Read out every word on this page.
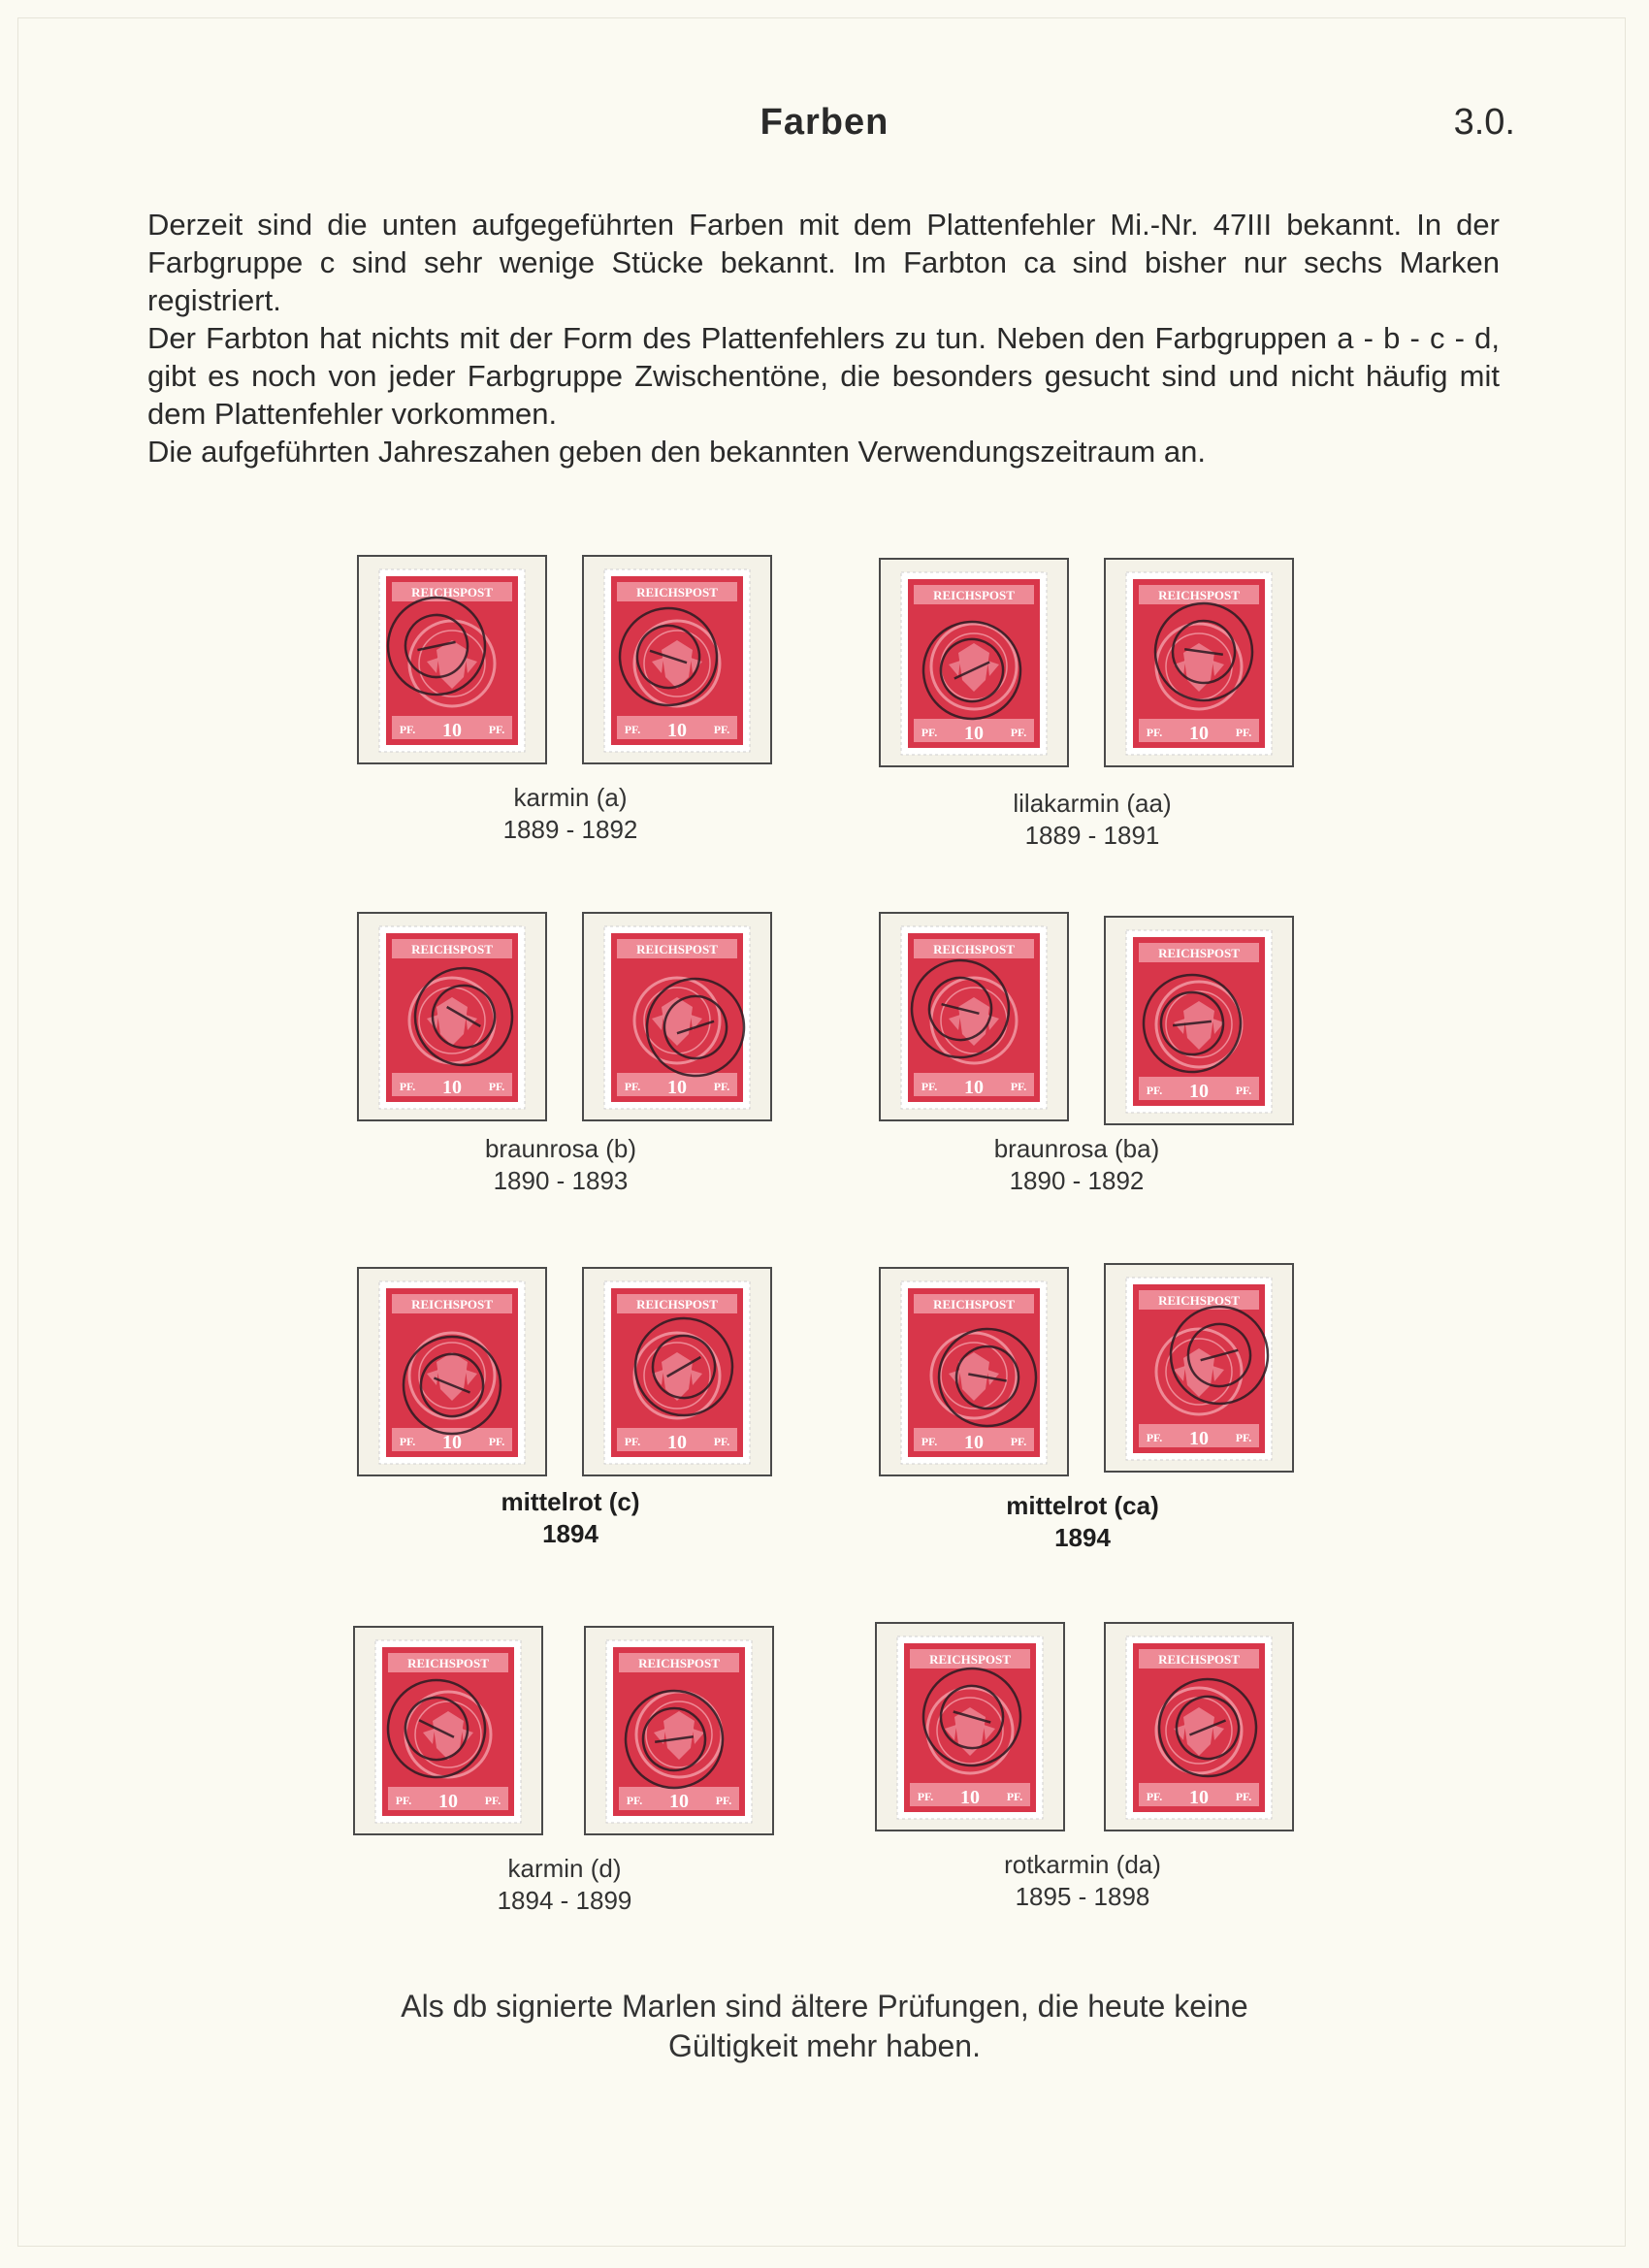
Farben	3.0.

Derzeit sind die unten aufgegeführten Farben mit dem Plattenfehler Mi.-Nr. 47III bekannt. In der Farbgruppe c sind sehr wenige Stücke bekannt. Im Farbton ca sind bisher nur sechs Marken registriert.

Der Farbton hat nichts mit der Form des Plattenfehlers zu tun. Neben den Farbgruppen a - b - c - d, gibt es noch von jeder Farbgruppe Zwischentöne, die besonders gesucht sind und nicht häufig mit dem Plattenfehler vorkommen.

Die aufgeführten Jahreszahen geben den bekannten Verwendungszeitraum an.

REICHSPOST
PF. 10 PF.
REICHSPOST
PF. 10 PF.
REICHSPOST
PF. 10 PF.
REICHSPOST
PF. 10 PF.
karmin (a)
1889 - 1892
lilakarmin (aa)
1889 - 1891
REICHSPOST
PF. 10 PF.
REICHSPOST
PF. 10 PF.
REICHSPOST
PF. 10 PF.
REICHSPOST
PF. 10 PF.
braunrosa (b)
1890 - 1893
braunrosa (ba)
1890 - 1892
REICHSPOST
PF. 10 PF.
REICHSPOST
PF. 10 PF.
REICHSPOST
PF. 10 PF.
REICHSPOST
PF. 10 PF.
mittelrot (c)
1894
mittelrot (ca)
1894
REICHSPOST
PF. 10 PF.
REICHSPOST
PF. 10 PF.
REICHSPOST
PF. 10 PF.
REICHSPOST
PF. 10 PF.
karmin (d)
1894 - 1899
rotkarmin (da)
1895 - 1898
Als db signierte Marlen sind ältere Prüfungen, die heute keine
Gültigkeit mehr haben.
